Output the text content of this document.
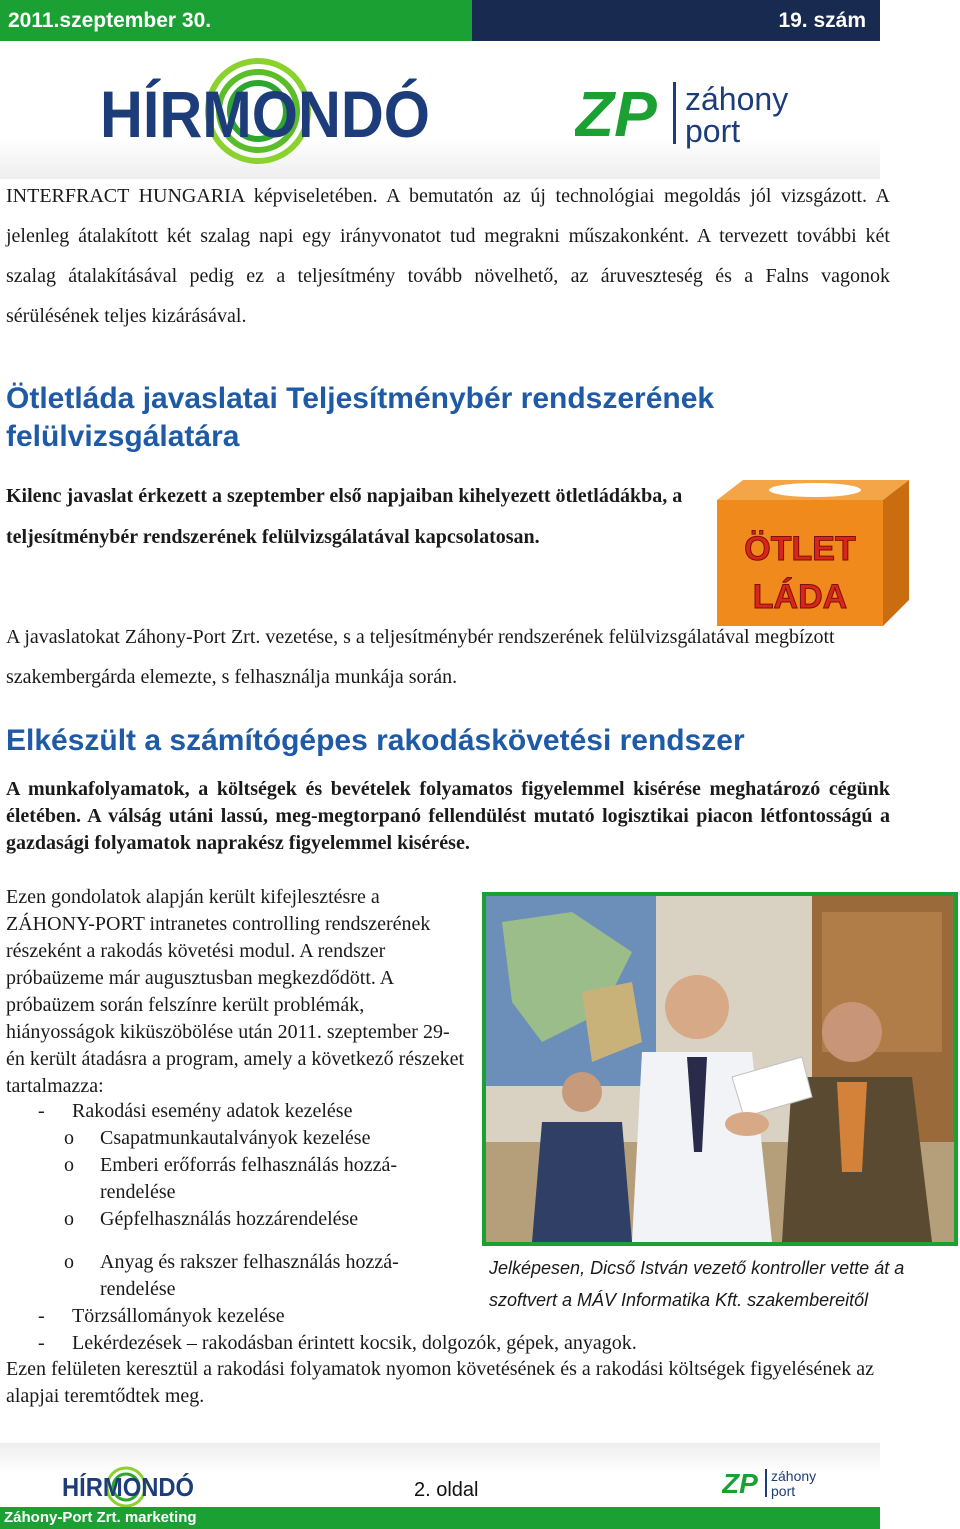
2011.szeptember 30.	19. szám
HÍRMONDÓ ZP záhony
port

INTERFRACT HUNGARIA képviseletében. A bemutatón az új technológiai megoldás jól vizsgázott. A jelenleg átalakított két szalag napi egy irányvonatot tud megrakni műszakonként. A tervezett további két szalag átalakításával pedig ez a teljesítmény tovább növelhető, az áruveszteség és a Falns vagonok sérülésének teljes kizárásával.

Ötletláda javaslatai Teljesítménybér rendszerének felülvizsgálatára

Kilenc javaslat érkezett a szeptember első napjaiban kihelyezett ötletládákba, a teljesítménybér rendszerének felülvizsgálatával kapcsolatosan.	ÖTLET
LÁDA

A javaslatokat Záhony-Port Zrt. vezetése, s a teljesítménybér rendszerének felülvizsgálatával megbízott szakembergárda elemezte, s felhasználja munkája során.

Elkészült a számítógépes rakodáskövetési rendszer

A munkafolyamatok, a költségek és bevételek folyamatos figyelemmel kisérése meghatározó cégünk életében. A válság utáni lassú, meg-megtorpanó fellendülést mutató logisztikai piacon létfontosságú a gazdasági folyamatok naprakész figyelemmel kisérése.

Ezen gondolatok alapján került kifejlesztésre a ZÁHONY-PORT intranetes controlling rendszerének részeként a rakodás követési modul. A rendszer próbaüzeme már augusztusban megkezdődött. A próbaüzem során felszínre került problémák, hiányosságok kiküszöbölése után 2011. szeptember 29-én került átadásra a program, amely a következő részeket tartalmazza:

- Rakodási esemény adatok kezelése
o Csapatmunkautalványok kezelése
o Emberi erőforrás felhasználás hozzá-
rendelése
o Gépfelhasználás hozzárendelése
o Anyag és rakszer felhasználás hozzá-
rendelése
- Törzsállományok kezelése
- Lekérdezések – rakodásban érintett kocsik, dolgozók, gépek, anyagok.

Jelképesen, Dicső István vezető kontroller vette át a szoftvert a MÁV Informatika Kft. szakembereitől

Ezen felületen keresztül a rakodási folyamatok nyomon követésének és a rakodási költségek figyelésének az alapjai teremtődtek meg.

HÍRMONDÓ	2. oldal	ZP záhony
port
Záhony-Port Zrt. marketing
